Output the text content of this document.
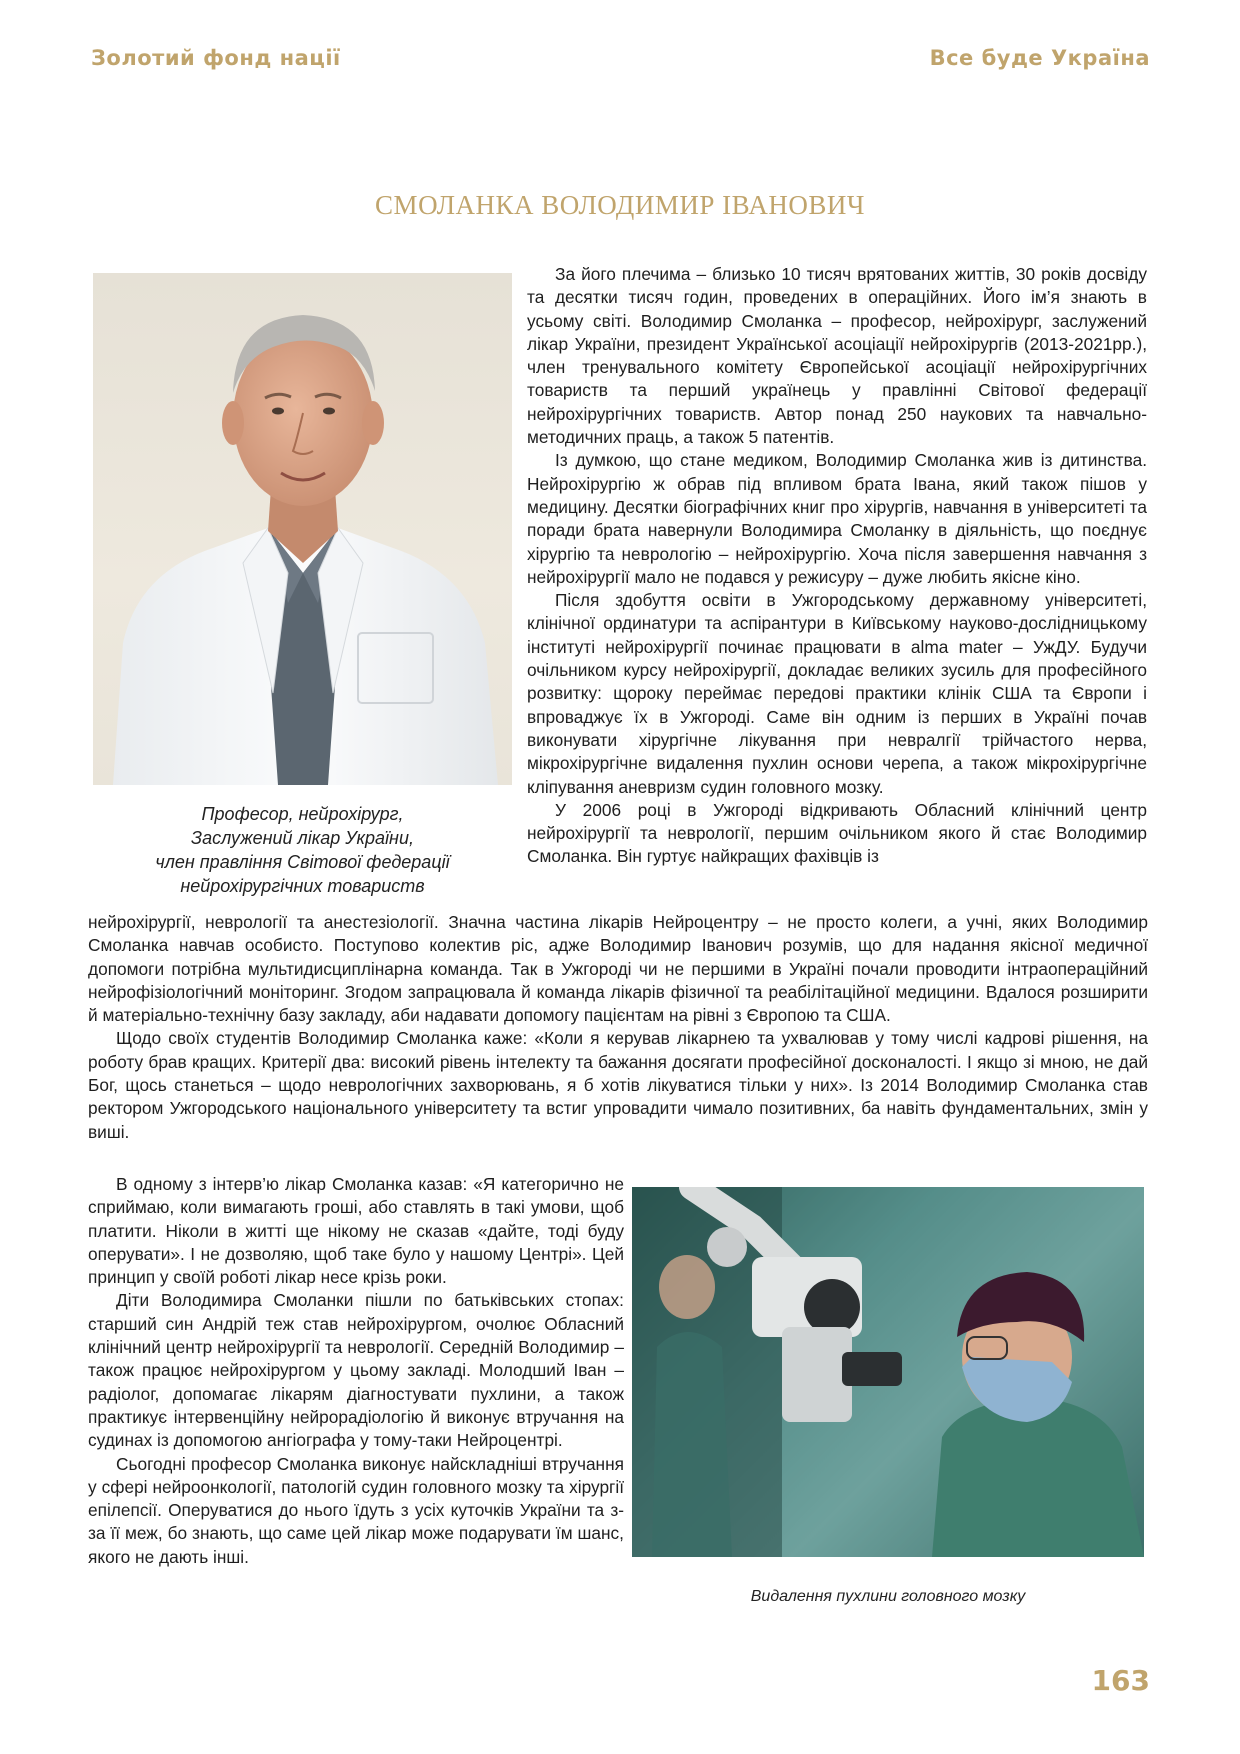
Золотий фонд нації	Все буде Україна
СМОЛАНКА ВОЛОДИМИР ІВАНОВИЧ
Професор, нейрохірург,
Заслужений лікар України,
член правління Світової федерації
нейрохірургічних товариств

За його плечима – близько 10 тисяч врятованих життів, 30 років досвіду та десятки тисяч годин, проведених в операційних. Його ім’я знають в усьому світі. Володимир Смоланка – професор, нейрохірург, заслужений лікар України, президент Української асоціації нейрохірургів (2013-2021рр.), член тренувального комітету Європейської асоціації нейрохірургічних товариств та перший українець у правлінні Світової федерації нейрохірургічних товариств. Автор понад 250 наукових та навчально-методичних праць, а також 5 патентів.

Із думкою, що стане медиком, Володимир Смоланка жив із дитинства. Нейрохірургію ж обрав під впливом брата Івана, який також пішов у медицину. Десятки біографічних книг про хірургів, навчання в університеті та поради брата навернули Володимира Смоланку в діяльність, що поєднує хірургію та неврологію – нейрохірургію. Хоча після завершення навчання з нейрохірургії мало не подався у режисуру – дуже любить якісне кіно.

Після здобуття освіти в Ужгородському державному університеті, клінічної ординатури та аспірантури в Київському науково-дослідницькому інституті нейрохірургії починає працювати в alma mater – УжДУ. Будучи очільником курсу нейрохірургії, докладає великих зусиль для професійного розвитку: щороку переймає передові практики клінік США та Європи і впроваджує їх в Ужгороді. Саме він одним із перших в Україні почав виконувати хірургічне лікування при невралгії трійчастого нерва, мікрохірургічне видалення пухлин основи черепа, а також мікрохірургічне кліпування аневризм судин головного мозку.

У 2006 році в Ужгороді відкривають Обласний клінічний центр нейрохірургії та неврології, першим очільником якого й стає Володимир Смоланка. Він гуртує найкращих фахівців із

нейрохірургії, неврології та анестезіології. Значна частина лікарів Нейроцентру – не просто колеги, а учні, яких Володимир Смоланка навчав особисто. Поступово колектив ріс, адже Володимир Іванович розумів, що для надання якісної медичної допомоги потрібна мультидисциплінарна команда. Так в Ужгороді чи не першими в Україні почали проводити інтраопераційний нейрофізіологічний моніторинг. Згодом запрацювала й команда лікарів фізичної та реабілітаційної медицини. Вдалося розширити й матеріально-технічну базу закладу, аби надавати допомогу пацієнтам на рівні з Європою та США.

Щодо своїх студентів Володимир Смоланка каже: «Коли я керував лікарнею та ухвалював у тому числі кадрові рішення, на роботу брав кращих. Критерії два: високий рівень інтелекту та бажання досягати професійної досконалості. І якщо зі мною, не дай Бог, щось станеться – щодо неврологічних захворювань, я б хотів лікуватися тільки у них». Із 2014 Володимир Смоланка став ректором Ужгородського національного університету та встиг упровадити чимало позитивних, ба навіть фундаментальних, змін у виші.

В одному з інтерв’ю лікар Смоланка казав: «Я категорично не сприймаю, коли вимагають гроші, або ставлять в такі умови, щоб платити. Ніколи в житті ще нікому не сказав «дайте, тоді буду оперувати». І не дозволяю, щоб таке було у нашому Центрі». Цей принцип у своїй роботі лікар несе крізь роки.

Діти Володимира Смоланки пішли по батьківських стопах: старший син Андрій теж став нейрохірургом, очолює Обласний клінічний центр нейрохірургії та неврології. Середній Володимир – також працює нейрохірургом у цьому закладі. Молодший Іван – радіолог, допомагає лікарям діагностувати пухлини, а також практикує інтервенційну нейрорадіологію й виконує втручання на судинах із допомогою ангіографа у тому-таки Нейроцентрі.

Сьогодні професор Смоланка виконує найскладніші втручання у сфері нейроонкології, патологій судин головного мозку та хірургії епілепсії. Оперуватися до нього їдуть з усіх куточків України та з-за її меж, бо знають, що саме цей лікар може подарувати їм шанс, якого не дають інші.

Видалення пухлини головного мозку
163
